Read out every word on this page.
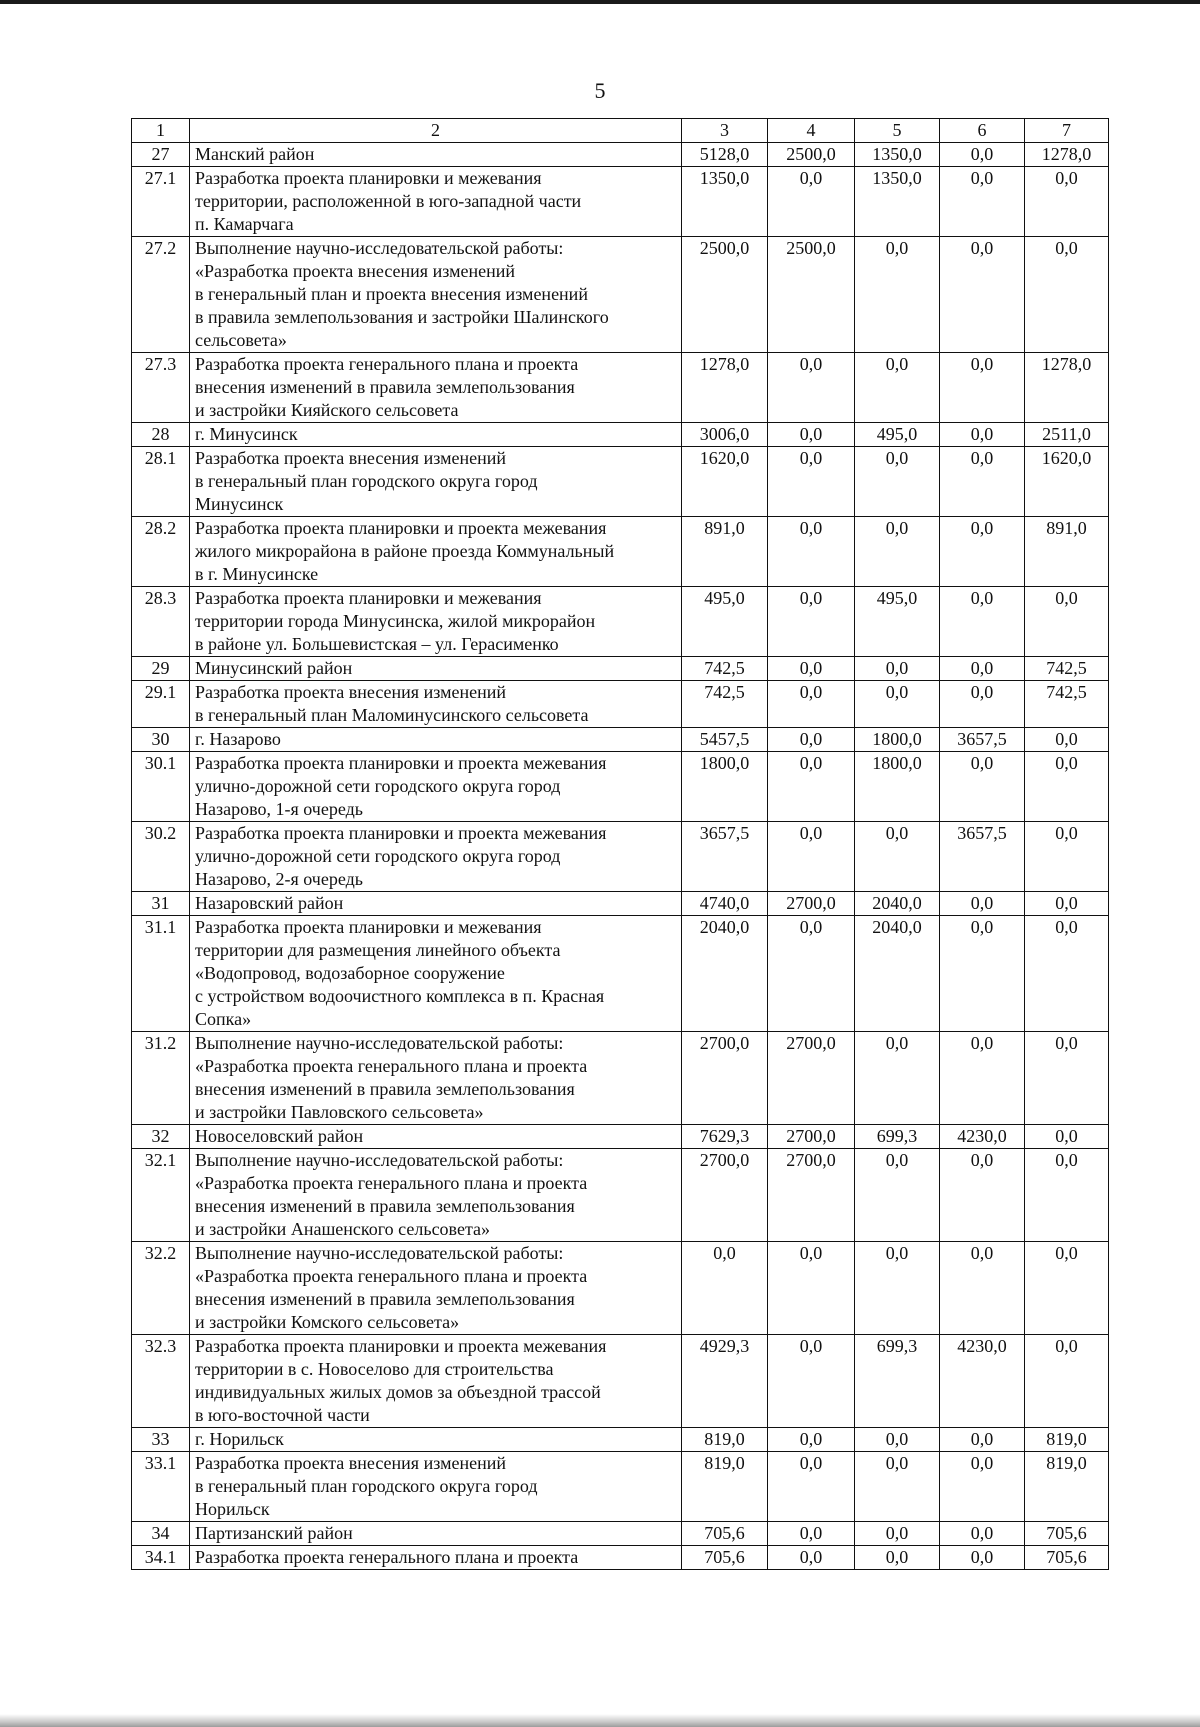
5
1	2	3	4	5	6	7
27	Манский район	5128,0	2500,0	1350,0	0,0	1278,0
27.1	Разработка проекта планировки и межевания
территории, расположенной в юго-западной части
п. Камарчага	1350,0	0,0	1350,0	0,0	0,0
27.2	Выполнение научно-исследовательской работы:
«Разработка проекта внесения изменений
в генеральный план и проекта внесения изменений
в правила землепользования и застройки Шалинского
сельсовета»	2500,0	2500,0	0,0	0,0	0,0
27.3	Разработка проекта генерального плана и проекта
внесения изменений в правила землепользования
и застройки Кияйского сельсовета	1278,0	0,0	0,0	0,0	1278,0
28	г. Минусинск	3006,0	0,0	495,0	0,0	2511,0
28.1	Разработка проекта внесения изменений
в генеральный план городского округа город
Минусинск	1620,0	0,0	0,0	0,0	1620,0
28.2	Разработка проекта планировки и проекта межевания
жилого микрорайона в районе проезда Коммунальный
в г. Минусинске	891,0	0,0	0,0	0,0	891,0
28.3	Разработка проекта планировки и межевания
территории города Минусинска, жилой микрорайон
в районе ул. Большевистская – ул. Герасименко	495,0	0,0	495,0	0,0	0,0
29	Минусинский район	742,5	0,0	0,0	0,0	742,5
29.1	Разработка проекта внесения изменений
в генеральный план Маломинусинского сельсовета	742,5	0,0	0,0	0,0	742,5
30	г. Назарово	5457,5	0,0	1800,0	3657,5	0,0
30.1	Разработка проекта планировки и проекта межевания
улично-дорожной сети городского округа город
Назарово, 1-я очередь	1800,0	0,0	1800,0	0,0	0,0
30.2	Разработка проекта планировки и проекта межевания
улично-дорожной сети городского округа город
Назарово, 2-я очередь	3657,5	0,0	0,0	3657,5	0,0
31	Назаровский район	4740,0	2700,0	2040,0	0,0	0,0
31.1	Разработка проекта планировки и межевания
территории для размещения линейного объекта
«Водопровод, водозаборное сооружение
с устройством водоочистного комплекса в п. Красная
Сопка»	2040,0	0,0	2040,0	0,0	0,0
31.2	Выполнение научно-исследовательской работы:
«Разработка проекта генерального плана и проекта
внесения изменений в правила землепользования
и застройки Павловского сельсовета»	2700,0	2700,0	0,0	0,0	0,0
32	Новоселовский район	7629,3	2700,0	699,3	4230,0	0,0
32.1	Выполнение научно-исследовательской работы:
«Разработка проекта генерального плана и проекта
внесения изменений в правила землепользования
и застройки Анашенского сельсовета»	2700,0	2700,0	0,0	0,0	0,0
32.2	Выполнение научно-исследовательской работы:
«Разработка проекта генерального плана и проекта
внесения изменений в правила землепользования
и застройки Комского сельсовета»	0,0	0,0	0,0	0,0	0,0
32.3	Разработка проекта планировки и проекта межевания
территории в с. Новоселово для строительства
индивидуальных жилых домов за объездной трассой
в юго-восточной части	4929,3	0,0	699,3	4230,0	0,0
33	г. Норильск	819,0	0,0	0,0	0,0	819,0
33.1	Разработка проекта внесения изменений
в генеральный план городского округа город
Норильск	819,0	0,0	0,0	0,0	819,0
34	Партизанский район	705,6	0,0	0,0	0,0	705,6
34.1	Разработка проекта генерального плана и проекта	705,6	0,0	0,0	0,0	705,6
